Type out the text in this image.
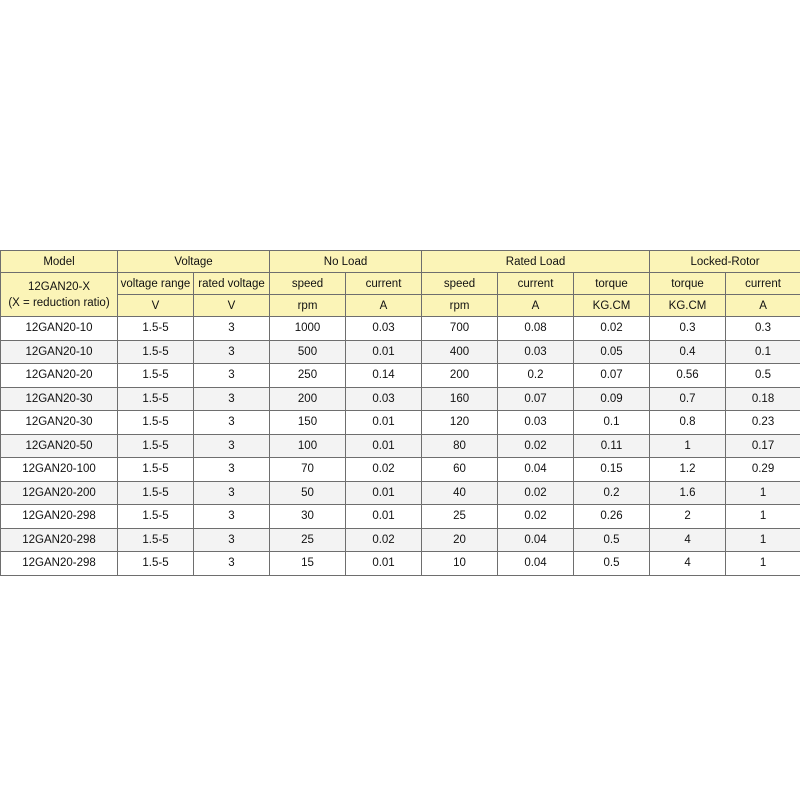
Model	Voltage		No Load		Rated Load			Locked-Rotor	
12GAN20-X
(X = reduction ratio)	voltage range	rated voltage	speed	current	speed	current	torque	torque	current
	V	V	rpm	A	rpm	A	KG.CM	KG.CM	A
12GAN20-10	1.5-5	3	1000	0.03	700	0.08	0.02	0.3	0.3
12GAN20-10	1.5-5	3	500	0.01	400	0.03	0.05	0.4	0.1
12GAN20-20	1.5-5	3	250	0.14	200	0.2	0.07	0.56	0.5
12GAN20-30	1.5-5	3	200	0.03	160	0.07	0.09	0.7	0.18
12GAN20-30	1.5-5	3	150	0.01	120	0.03	0.1	0.8	0.23
12GAN20-50	1.5-5	3	100	0.01	80	0.02	0.11	1	0.17
12GAN20-100	1.5-5	3	70	0.02	60	0.04	0.15	1.2	0.29
12GAN20-200	1.5-5	3	50	0.01	40	0.02	0.2	1.6	1
12GAN20-298	1.5-5	3	30	0.01	25	0.02	0.26	2	1
12GAN20-298	1.5-5	3	25	0.02	20	0.04	0.5	4	1
12GAN20-298	1.5-5	3	15	0.01	10	0.04	0.5	4	1
